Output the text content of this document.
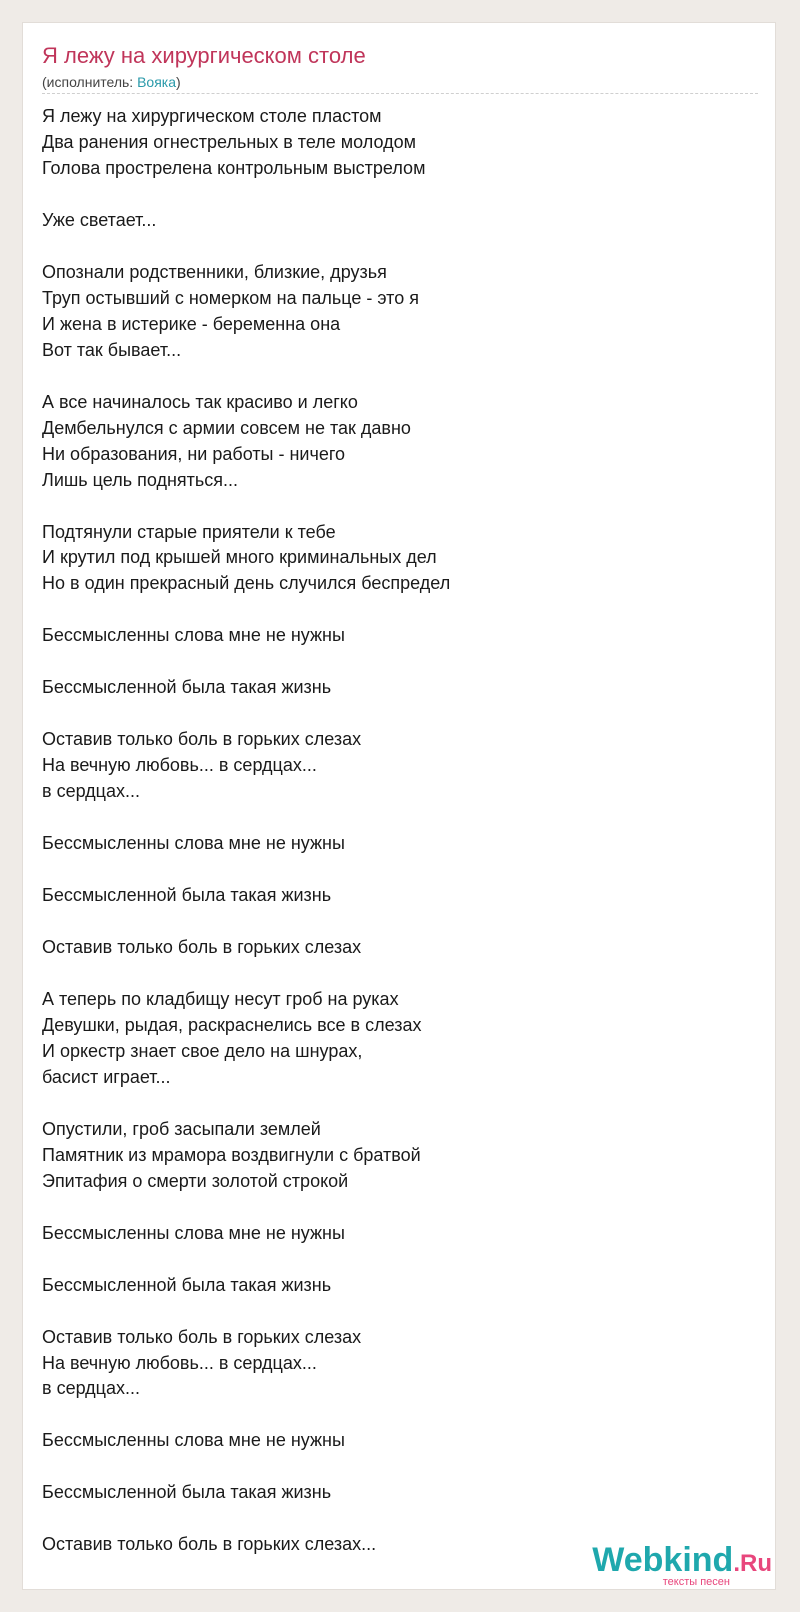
Я лежу на хирургическом столе
(исполнитель: Вояка)
Я лежу на хирургическом столе пластом
Два ранения огнестрельных в теле молодом
Голова прострелена контрольным выстрелом
Уже светает...
Опознали родственники, близкие, друзья
Труп остывший с номерком на пальце - это я
И жена в истерике - беременна она
Вот так бывает...
А все начиналось так красиво и легко
Дембельнулся с армии совсем не так давно
Ни образования, ни работы - ничего
Лишь цель подняться...
Подтянули старые приятели к тебе
И крутил под крышей много криминальных дел
Но в один прекрасный день случился беспредел
Бессмысленны слова мне не нужны
Бессмысленной была такая жизнь
Оставив только боль в горьких слезах
На вечную любовь... в сердцах...
в сердцах...
Бессмысленны слова мне не нужны
Бессмысленной была такая жизнь
Оставив только боль в горьких слезах
А теперь по кладбищу несут гроб на руках
Девушки, рыдая, раскраснелись все в слезах
И оркестр знает свое дело на шнурах,
басист играет...
Опустили, гроб засыпали землей
Памятник из мрамора воздвигнули с братвой
Эпитафия о смерти золотой строкой
Бессмысленны слова мне не нужны
Бессмысленной была такая жизнь
Оставив только боль в горьких слезах
На вечную любовь... в сердцах...
в сердцах...
Бессмысленны слова мне не нужны
Бессмысленной была такая жизнь
Оставив только боль в горьких слезах...	Webkind.Ru
тексты песен
